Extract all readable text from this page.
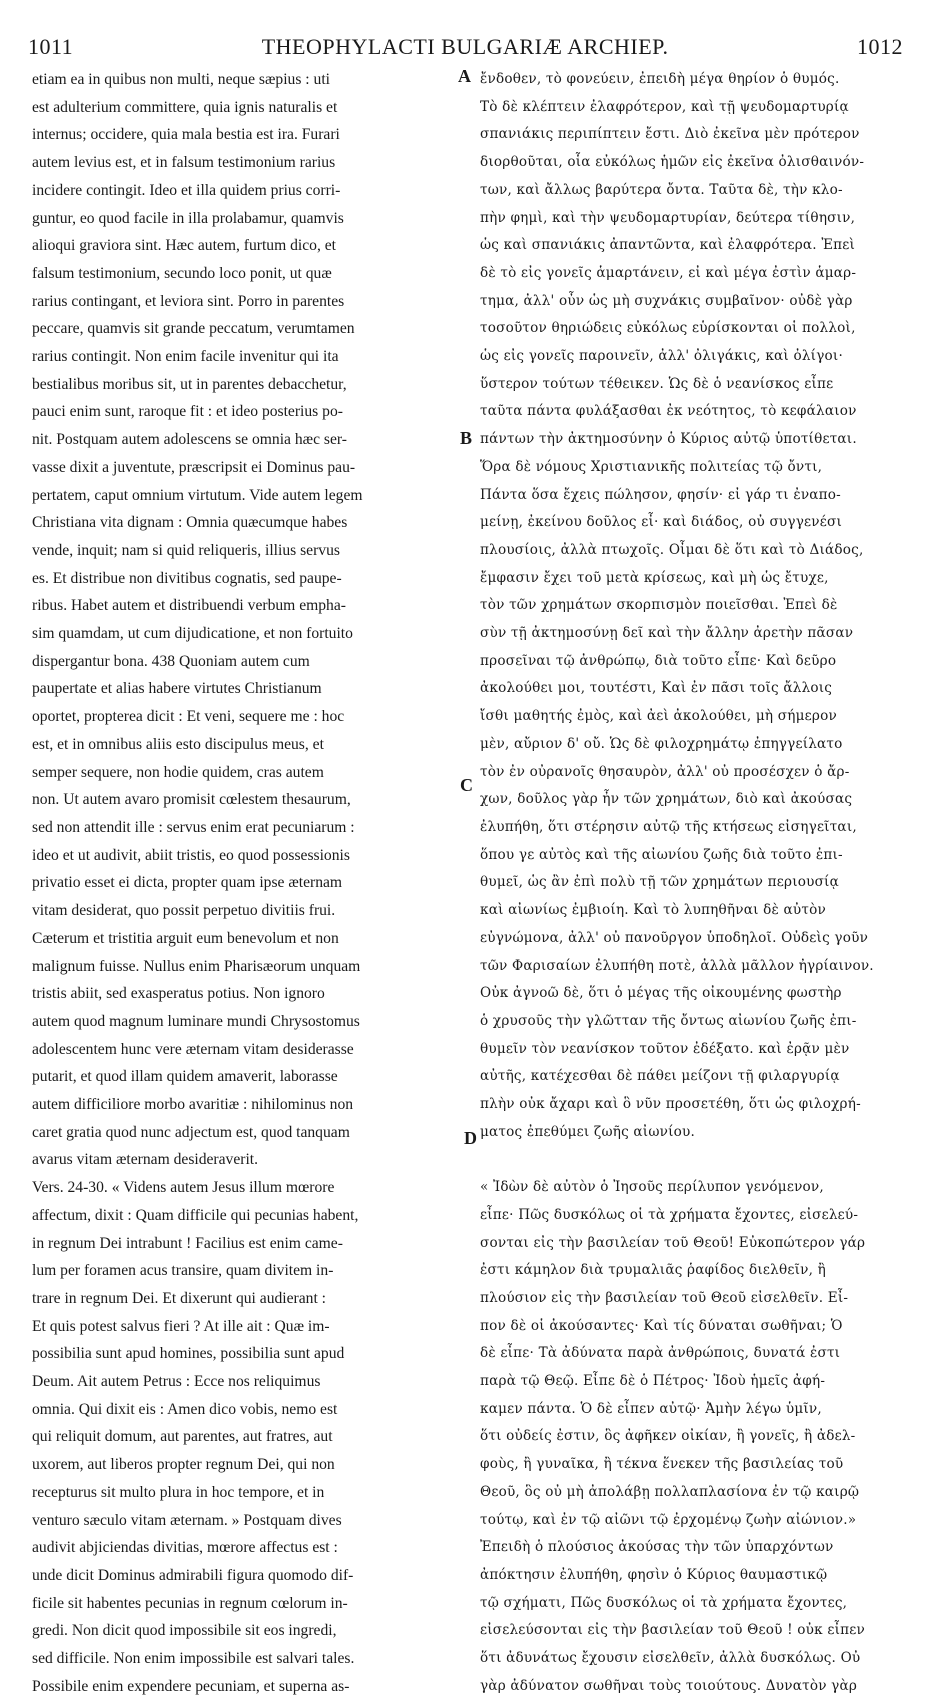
1011	THEOPHYLACTI BULGARIÆ ARCHIEP.	1012
etiam ea in quibus non multi, neque sæpius : uti
est adulterium committere, quia ignis naturalis et
internus; occidere, quia mala bestia est ira. Furari
autem levius est, et in falsum testimonium rarius
incidere contingit. Ideo et illa quidem prius corri-
guntur, eo quod facile in illa prolabamur, quamvis
alioqui graviora sint. Hæc autem, furtum dico, et
falsum testimonium, secundo loco ponit, ut quæ
rarius contingant, et leviora sint. Porro in parentes
peccare, quamvis sit grande peccatum, verumtamen
rarius contingit. Non enim facile invenitur qui ita
bestialibus moribus sit, ut in parentes debacchetur,
pauci enim sunt, raroque fit : et ideo posterius po-
nit. Postquam autem adolescens se omnia hæc ser-
vasse dixit a juventute, præscripsit ei Dominus pau-
pertatem, caput omnium virtutum. Vide autem legem
Christiana vita dignam : Omnia quæcumque habes
vende, inquit; nam si quid reliqueris, illius servus
es. Et distribue non divitibus cognatis, sed paupe-
ribus. Habet autem et distribuendi verbum empha-
sim quamdam, ut cum dijudicatione, et non fortuito
dispergantur bona. 438 Quoniam autem cum
paupertate et alias habere virtutes Christianum
oportet, propterea dicit : Et veni, sequere me : hoc
est, et in omnibus aliis esto discipulus meus, et
semper sequere, non hodie quidem, cras autem
non. Ut autem avaro promisit cœlestem thesaurum,
sed non attendit ille : servus enim erat pecuniarum :
ideo et ut audivit, abiit tristis, eo quod possessionis
privatio esset ei dicta, propter quam ipse æternam
vitam desiderat, quo possit perpetuo divitiis frui.
Cæterum et tristitia arguit eum benevolum et non
malignum fuisse. Nullus enim Pharisæorum unquam
tristis abiit, sed exasperatus potius. Non ignoro
autem quod magnum luminare mundi Chrysostomus
adolescentem hunc vere æternam vitam desiderasse
putarit, et quod illam quidem amaverit, laborasse
autem difficiliore morbo avaritiæ : nihilominus non
caret gratia quod nunc adjectum est, quod tanquam
avarus vitam æternam desideraverit.
Vers. 24-30. « Videns autem Jesus illum mœrore
affectum, dixit : Quam difficile qui pecunias habent,
in regnum Dei intrabunt ! Facilius est enim came-
lum per foramen acus transire, quam divitem in-
trare in regnum Dei. Et dixerunt qui audierant :
Et quis potest salvus fieri ? At ille ait : Quæ im-
possibilia sunt apud homines, possibilia sunt apud
Deum. Ait autem Petrus : Ecce nos reliquimus
omnia. Qui dixit eis : Amen dico vobis, nemo est
qui reliquit domum, aut parentes, aut fratres, aut
uxorem, aut liberos propter regnum Dei, qui non
recepturus sit multo plura in hoc tempore, et in
venturo sæculo vitam æternam. » Postquam dives
audivit abjiciendas divitias, mœrore affectus est :
unde dicit Dominus admirabili figura quomodo dif-
ficile sit habentes pecunias in regnum cœlorum in-
gredi. Non dicit quod impossibile sit eos ingredi,
sed difficile. Non enim impossibile est salvari tales.
Possibile enim expendere pecuniam, et superna as-
ἔνδοθεν, τὸ φονεύειν, ἐπειδὴ μέγα θηρίον ὁ θυμός.
Τὸ δὲ κλέπτειν ἐλαφρότερον, καὶ τῇ ψευδομαρτυρίᾳ
σπανιάκις περιπίπτειν ἔστι. Διὸ ἐκεῖνα μὲν πρότερον
διορθοῦται, οἷα εὐκόλως ἡμῶν εἰς ἐκεῖνα ὀλισθαινόν-
των, καὶ ἄλλως βαρύτερα ὄντα. Ταῦτα δὲ, τὴν κλο-
πὴν φημὶ, καὶ τὴν ψευδομαρτυρίαν, δεύτερα τίθησιν,
ὡς καὶ σπανιάκις ἀπαντῶντα, καὶ ἐλαφρότερα. Ἐπεὶ
δὲ τὸ εἰς γονεῖς ἁμαρτάνειν, εἰ καὶ μέγα ἐστὶν ἁμαρ-
τημα, ἀλλ' οὖν ὡς μὴ συχνάκις συμβαῖνον· οὐδὲ γὰρ
τοσοῦτον θηριώδεις εὐκόλως εὑρίσκονται οἱ πολλοὶ,
ὡς εἰς γονεῖς παροινεῖν, ἀλλ' ὀλιγάκις, καὶ ὀλίγοι·
ὕστερον τούτων τέθεικεν. Ὡς δὲ ὁ νεανίσκος εἶπε
ταῦτα πάντα φυλάξασθαι ἐκ νεότητος, τὸ κεφάλαιον
πάντων τὴν ἀκτημοσύνην ὁ Κύριος αὐτῷ ὑποτίθεται.
Ὅρα δὲ νόμους Χριστιανικῆς πολιτείας τῷ ὄντι,
Πάντα ὅσα ἔχεις πώλησον, φησίν· εἰ γάρ τι ἐναπο-
μείνῃ, ἐκείνου δοῦλος εἶ· καὶ διάδος, οὐ συγγενέσι
πλουσίοις, ἀλλὰ πτωχοῖς. Οἶμαι δὲ ὅτι καὶ τὸ Διάδος,
ἔμφασιν ἔχει τοῦ μετὰ κρίσεως, καὶ μὴ ὡς ἔτυχε,
τὸν τῶν χρημάτων σκορπισμὸν ποιεῖσθαι. Ἐπεὶ δὲ
σὺν τῇ ἀκτημοσύνῃ δεῖ καὶ τὴν ἄλλην ἀρετὴν πᾶσαν
προσεῖναι τῷ ἀνθρώπῳ, διὰ τοῦτο εἶπε· Καὶ δεῦρο
ἀκολούθει μοι, τουτέστι, Καὶ ἐν πᾶσι τοῖς ἄλλοις
ἴσθι μαθητής ἐμὸς, καὶ ἀεὶ ἀκολούθει, μὴ σήμερον
μὲν, αὔριον δ' οὔ. Ὡς δὲ φιλοχρημάτῳ ἐπηγγείλατο
τὸν ἐν οὐρανοῖς θησαυρὸν, ἀλλ' οὐ προσέσχεν ὁ ἄρ-
χων, δοῦλος γὰρ ἦν τῶν χρημάτων, διὸ καὶ ἀκούσας
ἐλυπήθη, ὅτι στέρησιν αὐτῷ τῆς κτήσεως εἰσηγεῖται,
ὅπου γε αὐτὸς καὶ τῆς αἰωνίου ζωῆς διὰ τοῦτο ἐπι-
θυμεῖ, ὡς ἂν ἐπὶ πολὺ τῇ τῶν χρημάτων περιουσίᾳ
καὶ αἰωνίως ἐμβιοίη. Καὶ τὸ λυπηθῆναι δὲ αὐτὸν
εὐγνώμονα, ἀλλ' οὐ πανοῦργον ὑποδηλοῖ. Οὐδεὶς γοῦν
τῶν Φαρισαίων ἐλυπήθη ποτὲ, ἀλλὰ μᾶλλον ἠγρίαινον.
Οὐκ ἀγνοῶ δὲ, ὅτι ὁ μέγας τῆς οἰκουμένης φωστὴρ
ὁ χρυσοῦς τὴν γλῶτταν τῆς ὄντως αἰωνίου ζωῆς ἐπι-
θυμεῖν τὸν νεανίσκον τοῦτον ἐδέξατο. καὶ ἐρᾷν μὲν
αὐτῆς, κατέχεσθαι δὲ πάθει μείζονι τῇ φιλαργυρίᾳ
πλὴν οὐκ ἄχαρι καὶ ὃ νῦν προσετέθη, ὅτι ὡς φιλοχρή-
ματος ἐπεθύμει ζωῆς αἰωνίου.

« Ἰδὼν δὲ αὐτὸν ὁ Ἰησοῦς περίλυπον γενόμενον,
εἶπε· Πῶς δυσκόλως οἱ τὰ χρήματα ἔχοντες, εἰσελεύ-
σονται εἰς τὴν βασιλείαν τοῦ Θεοῦ! Εὐκοπώτερον γάρ
ἐστι κάμηλον διὰ τρυμαλιᾶς ῥαφίδος διελθεῖν, ἢ
πλούσιον εἰς τὴν βασιλείαν τοῦ Θεοῦ εἰσελθεῖν. Εἶ-
πον δὲ οἱ ἀκούσαντες· Καὶ τίς δύναται σωθῆναι; Ὁ
δὲ εἶπε· Τὰ ἀδύνατα παρὰ ἀνθρώποις, δυνατά ἐστι
παρὰ τῷ Θεῷ. Εἶπε δὲ ὁ Πέτρος· Ἰδοὺ ἡμεῖς ἀφή-
καμεν πάντα. Ὁ δὲ εἶπεν αὐτῷ· Ἀμὴν λέγω ὑμῖν,
ὅτι οὐδείς ἐστιν, ὃς ἀφῆκεν οἰκίαν, ἢ γονεῖς, ἢ ἀδελ-
φοὺς, ἢ γυναῖκα, ἢ τέκνα ἕνεκεν τῆς βασιλείας τοῦ
Θεοῦ, ὃς οὐ μὴ ἀπολάβῃ πολλαπλασίονα ἐν τῷ καιρῷ
τούτῳ, καὶ ἐν τῷ αἰῶνι τῷ ἐρχομένῳ ζωὴν αἰώνιον.»
Ἐπειδὴ ὁ πλούσιος ἀκούσας τὴν τῶν ὑπαρχόντων
ἀπόκτησιν ἐλυπήθη, φησὶν ὁ Κύριος θαυμαστικῷ
τῷ σχήματι, Πῶς δυσκόλως οἱ τὰ χρήματα ἔχοντες,
εἰσελεύσονται εἰς τὴν βασιλείαν τοῦ Θεοῦ ! οὐκ εἶπεν
ὅτι ἀδυνάτως ἔχουσιν εἰσελθεῖν, ἀλλὰ δυσκόλως. Οὐ
γὰρ ἀδύνατον σωθῆναι τοὺς τοιούτους. Δυνατὸν γὰρ
A
B
C
D
